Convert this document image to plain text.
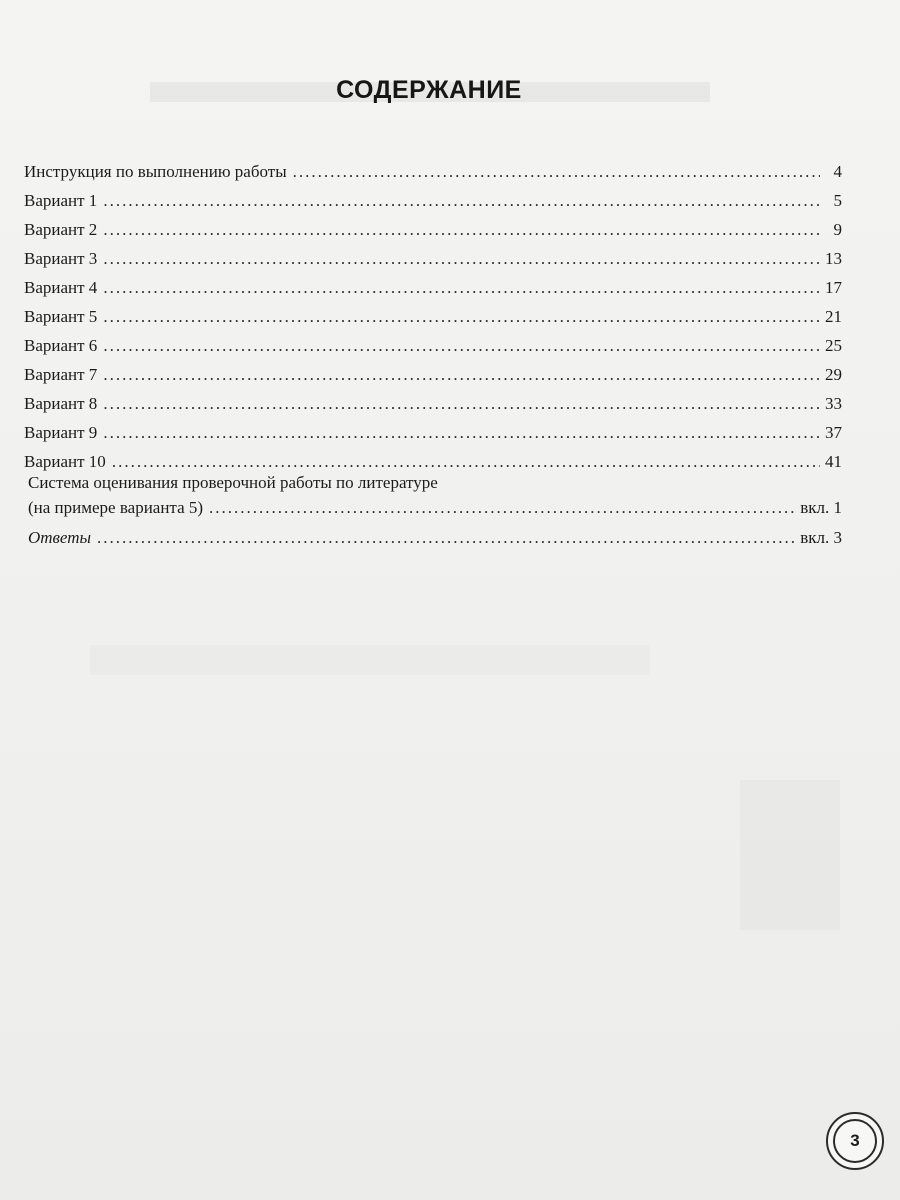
СОДЕРЖАНИЕ
Инструкция по выполнению работы .....	4
Вариант 1 .....	5
Вариант 2 .....	9
Вариант 3 .....	13
Вариант 4 .....	17
Вариант 5 .....	21
Вариант 6 .....	25
Вариант 7 .....	29
Вариант 8 .....	33
Вариант 9 .....	37
Вариант 10 .....	41
Система оценивания проверочной работы по литературе
(на примере варианта 5) .....	вкл. 1
Ответы .....	вкл. 3
3
